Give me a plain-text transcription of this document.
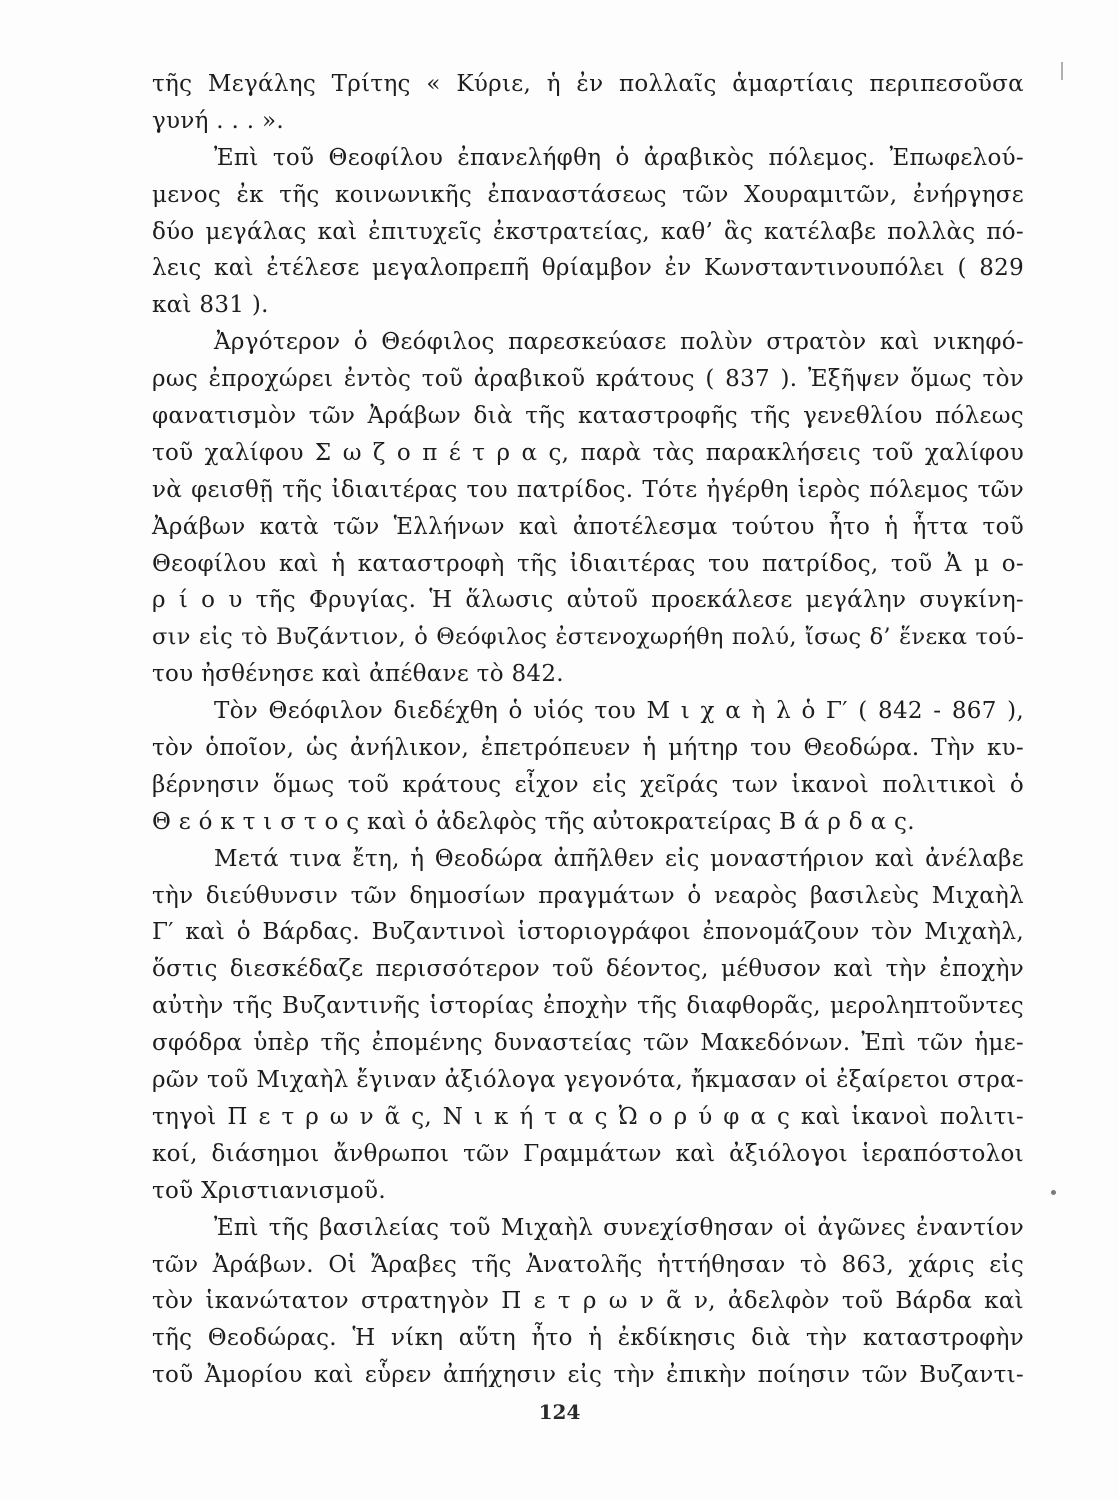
τῆς Μεγάλης Τρίτης « Κύριε, ἡ ἐν πολλαῖς ἁμαρτίαις περιπεσοῦσα
γυνή . . . ».
Ἐπὶ τοῦ Θεοφίλου ἐπανελήφθη ὁ ἀραβικὸς πόλεμος. Ἐπωφελού-
μενος ἐκ τῆς κοινωνικῆς ἐπαναστάσεως τῶν Χουραμιτῶν, ἐνήργησε
δύο μεγάλας καὶ ἐπιτυχεῖς ἐκστρατείας, καθ’ ἃς κατέλαβε πολλὰς πό-
λεις καὶ ἐτέλεσε μεγαλοπρεπῆ θρίαμβον ἐν Κωνσταντινουπόλει ( 829
καὶ 831 ).
Ἀργότερον ὁ Θεόφιλος παρεσκεύασε πολὺν στρατὸν καὶ νικηφό-
ρως ἐπροχώρει ἐντὸς τοῦ ἀραβικοῦ κράτους ( 837 ). Ἐξῆψεν ὅμως τὸν
φανατισμὸν τῶν Ἀράβων διὰ τῆς καταστροφῆς τῆς γενεθλίου πόλεως
τοῦ χαλίφου Σ ω ζ ο π έ τ ρ α ς, παρὰ τὰς παρακλήσεις τοῦ χαλίφου
νὰ φεισθῇ τῆς ἰδιαιτέρας του πατρίδος. Τότε ἠγέρθη ἱερὸς πόλεμος τῶν
Ἀράβων κατὰ τῶν Ἑλλήνων καὶ ἀποτέλεσμα τούτου ἦτο ἡ ἧττα τοῦ
Θεοφίλου καὶ ἡ καταστροφὴ τῆς ἰδιαιτέρας του πατρίδος, τοῦ Ἀ μ ο-
ρ ί ο υ τῆς Φρυγίας. Ἡ ἅλωσις αὐτοῦ προεκάλεσε μεγάλην συγκίνη-
σιν εἰς τὸ Βυζάντιον, ὁ Θεόφιλος ἐστενοχωρήθη πολύ, ἴσως δ’ ἕνεκα τού-
του ἠσθένησε καὶ ἀπέθανε τὸ 842.
Τὸν Θεόφιλον διεδέχθη ὁ υἱός του Μ ι χ α ὴ λ ὁ Γ′ ( 842 - 867 ),
τὸν ὁποῖον, ὡς ἀνήλικον, ἐπετρόπευεν ἡ μήτηρ του Θεοδώρα. Τὴν κυ-
βέρνησιν ὅμως τοῦ κράτους εἶχον εἰς χεῖράς των ἱκανοὶ πολιτικοὶ ὁ
Θ ε ό κ τ ι σ τ ο ς καὶ ὁ ἀδελφὸς τῆς αὐτοκρατείρας Β ά ρ δ α ς.
Μετά τινα ἔτη, ἡ Θεοδώρα ἀπῆλθεν εἰς μοναστήριον καὶ ἀνέλαβε
τὴν διεύθυνσιν τῶν δημοσίων πραγμάτων ὁ νεαρὸς βασιλεὺς Μιχαὴλ
Γ′ καὶ ὁ Βάρδας. Βυζαντινοὶ ἱστοριογράφοι ἐπονομάζουν τὸν Μιχαὴλ,
ὅστις διεσκέδαζε περισσότερον τοῦ δέοντος, μέθυσον καὶ τὴν ἐποχὴν
αὐτὴν τῆς Βυζαντινῆς ἱστορίας ἐποχὴν τῆς διαφθορᾶς, μεροληπτοῦντες
σφόδρα ὑπὲρ τῆς ἐπομένης δυναστείας τῶν Μακεδόνων. Ἐπὶ τῶν ἡμε-
ρῶν τοῦ Μιχαὴλ ἔγιναν ἀξιόλογα γεγονότα, ἤκμασαν οἱ ἐξαίρετοι στρα-
τηγοὶ Π ε τ ρ ω ν ᾶ ς, Ν ι κ ή τ α ς Ὠ ο ρ ύ φ α ς καὶ ἱκανοὶ πολιτι-
κοί, διάσημοι ἄνθρωποι τῶν Γραμμάτων καὶ ἀξιόλογοι ἱεραπόστολοι
τοῦ Χριστιανισμοῦ.
Ἐπὶ τῆς βασιλείας τοῦ Μιχαὴλ συνεχίσθησαν οἱ ἀγῶνες ἐναντίον
τῶν Ἀράβων. Οἱ Ἄραβες τῆς Ἀνατολῆς ἡττήθησαν τὸ 863, χάρις εἰς
τὸν ἱκανώτατον στρατηγὸν Π ε τ ρ ω ν ᾶ ν, ἀδελφὸν τοῦ Βάρδα καὶ
τῆς Θεοδώρας. Ἡ νίκη αὕτη ἦτο ἡ ἐκδίκησις διὰ τὴν καταστροφὴν
τοῦ Ἀμορίου καὶ εὗρεν ἀπήχησιν εἰς τὴν ἐπικὴν ποίησιν τῶν Βυζαντι-
124
